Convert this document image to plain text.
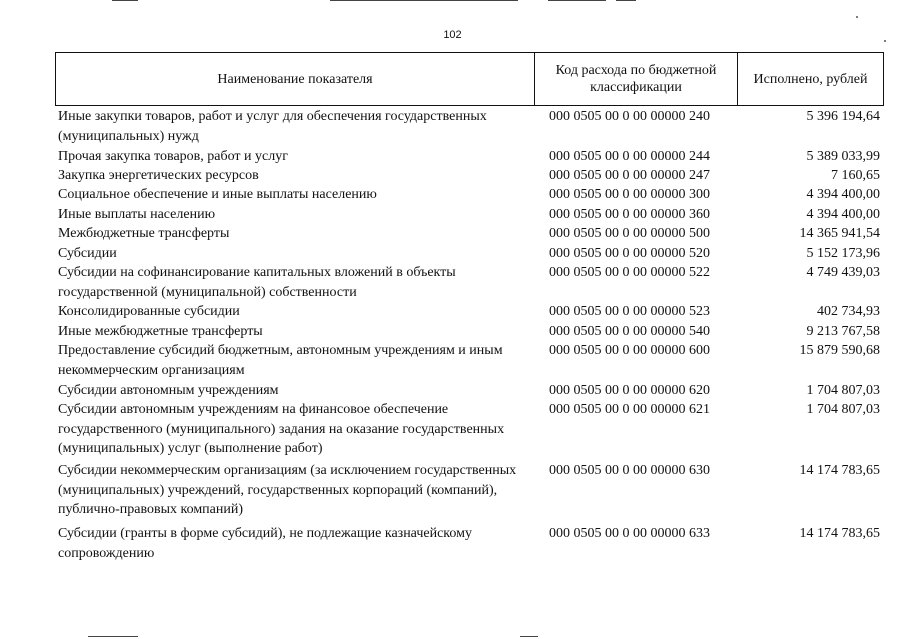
102
Наименование показателя
Код расхода по бюджетной классификации
Исполнено, рублей
Иные закупки товаров, работ и услуг для обеспечения государственных (муниципальных) нужд
000 0505 00 0 00 00000 240	5 396 194,64
Прочая закупка товаров, работ и услуг	000 0505 00 0 00 00000 244	5 389 033,99
Закупка энергетических ресурсов	000 0505 00 0 00 00000 247	7 160,65
Социальное обеспечение и иные выплаты населению	000 0505 00 0 00 00000 300	4 394 400,00
Иные выплаты населению	000 0505 00 0 00 00000 360	4 394 400,00
Межбюджетные трансферты	000 0505 00 0 00 00000 500	14 365 941,54
Субсидии	000 0505 00 0 00 00000 520	5 152 173,96
Субсидии на софинансирование капитальных вложений в объекты государственной (муниципальной) собственности
000 0505 00 0 00 00000 522	4 749 439,03
Консолидированные субсидии	000 0505 00 0 00 00000 523	402 734,93
Иные межбюджетные трансферты	000 0505 00 0 00 00000 540	9 213 767,58
Предоставление субсидий бюджетным, автономным учреждениям и иным некоммерческим организациям
000 0505 00 0 00 00000 600	15 879 590,68
Субсидии автономным учреждениям	000 0505 00 0 00 00000 620	1 704 807,03
Субсидии автономным учреждениям на финансовое обеспечение государственного (муниципального) задания на оказание государственных (муниципальных) услуг (выполнение работ)
000 0505 00 0 00 00000 621	1 704 807,03
Субсидии некоммерческим организациям (за исключением государственных (муниципальных) учреждений, государственных корпораций (компаний), публично-правовых компаний)
000 0505 00 0 00 00000 630	14 174 783,65
Субсидии (гранты в форме субсидий), не подлежащие казначейскому сопровождению
000 0505 00 0 00 00000 633	14 174 783,65
